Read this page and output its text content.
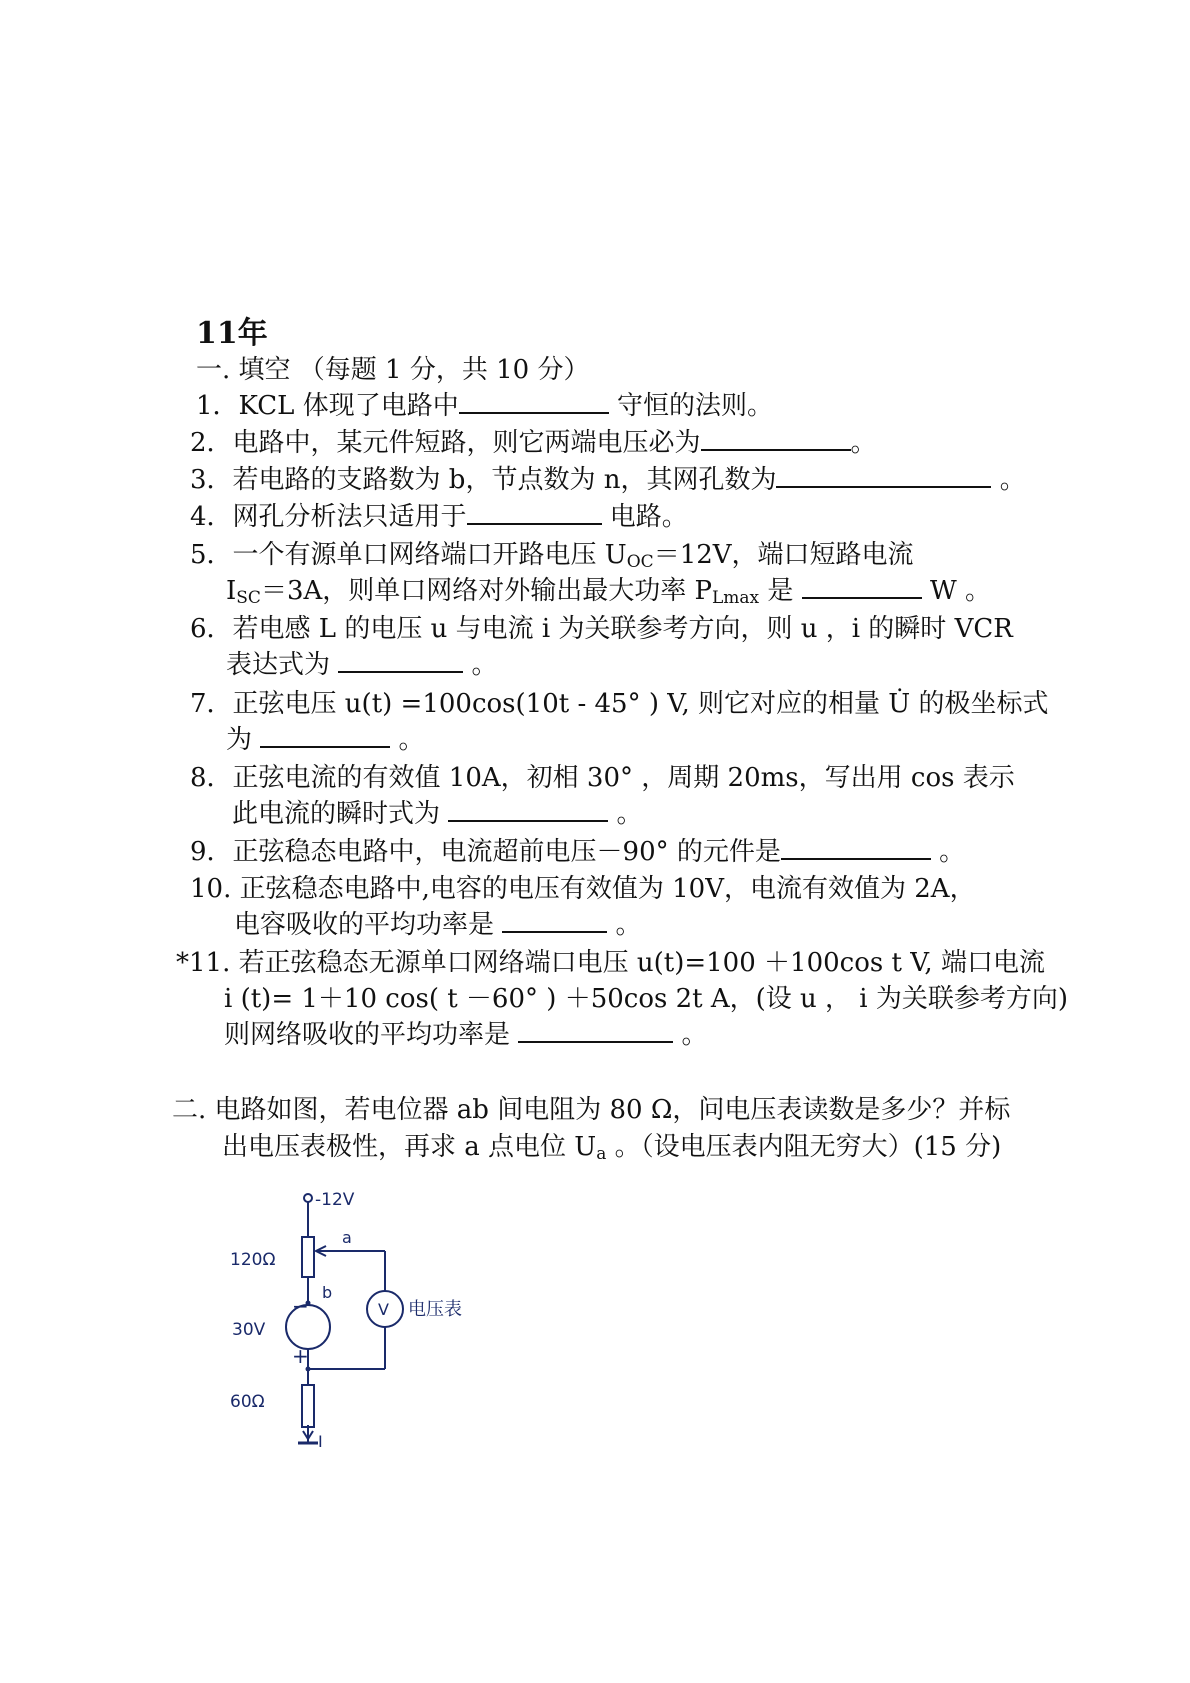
11年
一. 填空 （每题 1 分，共 10 分）
1．KCL 体现了电路中	守恒的法则。
2．电路中，某元件短路，则它两端电压必为	。
3．若电路的支路数为 b，节点数为 n，其网孔数为	。
4．网孔分析法只适用于	电路。
5．一个有源单口网络端口开路电压 $U_{OC}=12V$，端口短路电流
$I_{SC}=3A$，则单口网络对外输出最大功率 $P_{Lmax}$ 是	W 。
6．若电感 L 的电压 u 与电流 i 为关联参考方向，则 u ，i 的瞬时 VCR
表达式为	。
7．正弦电压 u(t) =100cos(10t - 45° ) V, 则它对应的相量 U̇ 的极坐标式
为	。
8．正弦电流的有效值 10A，初相 30° ，周期 20ms，写出用 cos 表示
此电流的瞬时式为	。
9．正弦稳态电路中，电流超前电压－90° 的元件是	。
10. 正弦稳态电路中,电容的电压有效值为 10V，电流有效值为 2A，
电容吸收的平均功率是	。
*11. 若正弦稳态无源单口网络端口电压 u(t)=100 ＋100cos t V, 端口电流
i (t)= 1＋10 cos( t －60° ) ＋50cos 2t A，(设 u ， i 为关联参考方向)
则网络吸收的平均功率是	。
二. 电路如图，若电位器 ab 间电阻为 80 Ω，问电压表读数是多少？并标
出电压表极性，再求 a 点电位 $U_a$ 。（设电压表内阻无穷大）(15 分)
-12V
120Ω
a
b
−
30V
+
60Ω
V 电压表
I
